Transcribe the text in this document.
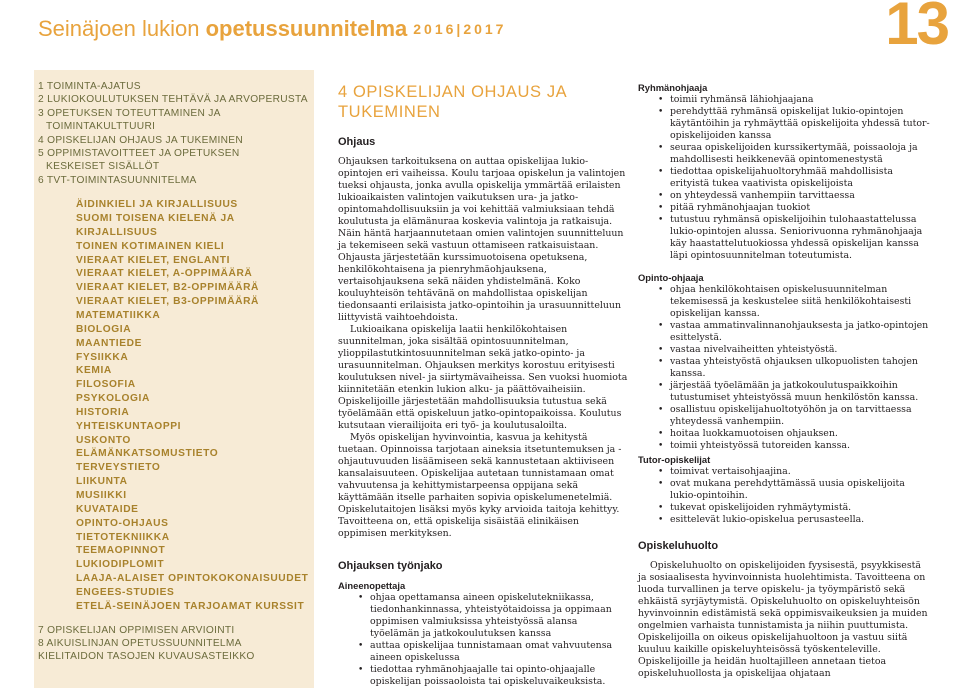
Seinäjoen lukion opetussuunnitelma 2016|2017	13
1 TOIMINTA-AJATUS
2 LUKIOKOULUTUKSEN TEHTÄVÄ JA ARVOPERUSTA
3 OPETUKSEN TOTEUTTAMINEN JA
TOIMINTAKULTTUURI
4 OPISKELIJAN OHJAUS JA TUKEMINEN
5 OPPIMISTAVOITTEET JA OPETUKSEN
KESKEISET SISÄLLÖT
6 TVT-TOIMINTASUUNNITELMA
ÄIDINKIELI JA KIRJALLISUUS
SUOMI TOISENA KIELENÄ JA KIRJALLISUUS
TOINEN KOTIMAINEN KIELI
VIERAAT KIELET, ENGLANTI
VIERAAT KIELET, A-OPPIMÄÄRÄ
VIERAAT KIELET, B2-OPPIMÄÄRÄ
VIERAAT KIELET, B3-OPPIMÄÄRÄ
MATEMATIIKKA
BIOLOGIA
MAANTIEDE
FYSIIKKA
KEMIA
FILOSOFIA
PSYKOLOGIA
HISTORIA
YHTEISKUNTAOPPI
USKONTO
ELÄMÄNKATSOMUSTIETO
TERVEYSTIETO
LIIKUNTA
MUSIIKKI
KUVATAIDE
OPINTO-OHJAUS
TIETOTEKNIIKKA
TEEMAOPINNOT
LUKIODIPLOMIT
LAAJA-ALAISET OPINTOKOKONAISUUDET
ENGEES-STUDIES
ETELÄ-SEINÄJOEN TARJOAMAT KURSSIT
7 OPISKELIJAN OPPIMISEN ARVIOINTI
8 AIKUISLINJAN OPETUSSUUNNITELMA
KIELITAIDON TASOJEN KUVAUSASTEIKKO
4 OPISKELIJAN OHJAUS JA TUKEMINEN
Ohjaus
Ohjauksen tarkoituksena on auttaa opiskelijaa lukio-opintojen eri vaiheissa. Koulu tarjoaa opiskelun ja valintojen tueksi ohjausta, jonka avulla opiskelija ymmärtää erilaisten lukioaikaisten valintojen vaikutuksen ura- ja jatko-opintomahdollisuuksiin ja voi kehittää valmiuksiaan tehdä koulutusta ja elämänuraa koskevia valintoja ja ratkaisuja. Näin häntä harjaannutetaan omien valintojen suunnitteluun ja tekemiseen sekä vastuun ottamiseen ratkaisuistaan. Ohjausta järjestetään kurssimuotoisena opetuksena, henkilökohtaisena ja pienryhmäohjauksena, vertaisohjauksena sekä näiden yhdistelmänä. Koko kouluyhteisön tehtävänä on mahdollistaa opiskelijan tiedonsaanti erilaisista jatko-opintoihin ja urasuunnitteluun liittyvistä vaihtoehdoista.
Lukioaikana opiskelija laatii henkilökohtaisen suunnitelman, joka sisältää opintosuunnitelman, ylioppilastutkintosuunnitelman sekä jatko-opinto- ja urasuunnitelman. Ohjauksen merkitys korostuu erityisesti koulutuksen nivel- ja siirtymävaiheissa. Sen vuoksi huomiota kiinnitetään etenkin lukion alku- ja päättövaiheisiin. Opiskelijoille järjestetään mahdollisuuksia tutustua sekä työelämään että opiskeluun jatko-opintopaikoissa. Koulutus kutsutaan vierailijoita eri työ- ja koulutusaloilta.
Myös opiskelijan hyvinvointia, kasvua ja kehitystä tuetaan. Opinnoissa tarjotaan aineksia itsetuntemuksen ja -ohjautuvuuden lisäämiseen sekä kannustetaan aktiiviseen kansalaisuuteen. Opiskelijaa autetaan tunnistamaan omat vahvuutensa ja kehittymistarpeensa oppijana sekä käyttämään itselle parhaiten sopivia opiskelumenetelmiä. Opiskelutaitojen lisäksi myös kyky arvioida taitoja kehittyy. Tavoitteena on, että opiskelija sisäistää elinikäisen oppimisen merkityksen.
Ohjauksen työnjako
Aineenopettaja
• ohjaa opettamansa aineen opiskelutekniikassa, tiedonhankinnassa, yhteistyötaidoissa ja oppimaan oppimisen valmiuksissa yhteistyössä alansa työelämän ja jatkokoulutuksen kanssa
• auttaa opiskelijaa tunnistamaan omat vahvuutensa aineen opiskelussa
• tiedottaa ryhmänohjaajalle tai opinto-ohjaajalle opiskelijan poissaoloista tai opiskeluvaikeuksista.
Ryhmänohjaaja
• toimii ryhmänsä lähiohjaajana
• perehdyttää ryhmänsä opiskelijat lukio-opintojen käytäntöihin ja ryhmäyttää opiskelijoita yhdessä tutor-opiskelijoiden kanssa
• seuraa opiskelijoiden kurssikertymää, poissaoloja ja mahdollisesti heikkenevää opintomenestystä
• tiedottaa opiskelijahuoltoryhmää mahdollisista erityistä tukea vaativista opiskelijoista
• on yhteydessä vanhempiin tarvittaessa
• pitää ryhmänohjaajan tuokiot
• tutustuu ryhmänsä opiskelijoihin tulohaastattelussa lukio-opintojen alussa. Seniorivuonna ryhmänohjaaja käy haastattelutuokiossa yhdessä opiskelijan kanssa läpi opintosuunnitelman toteutumista.
Opinto-ohjaaja
• ohjaa henkilökohtaisen opiskelusuunnitelman tekemisessä ja keskustelee siitä henkilökohtaisesti opiskelijan kanssa.
• vastaa ammatinvalinnanohjauksesta ja jatko-opintojen esittelystä.
• vastaa nivelvaiheitten yhteistyöstä.
• vastaa yhteistyöstä ohjauksen ulkopuolisten tahojen kanssa.
• järjestää työelämään ja jatkokoulutuspaikkoihin tutustumiset yhteistyössä muun henkilöstön kanssa.
• osallistuu opiskelijahuoltotyöhön ja on tarvittaessa yhteydessä vanhempiin.
• hoitaa luokkamuotoisen ohjauksen.
• toimii yhteistyössä tutoreiden kanssa.
Tutor-opiskelijat
• toimivat vertaisohjaajina.
• ovat mukana perehdyttämässä uusia opiskelijoita lukio-opintoihin.
• tukevat opiskelijoiden ryhmäytymistä.
• esittelevät lukio-opiskelua perusasteella.
Opiskeluhuolto
Opiskeluhuolto on opiskelijoiden fyysisestä, psyykkisestä ja sosiaalisesta hyvinvoinnista huolehtimista. Tavoitteena on luoda turvallinen ja terve opiskelu- ja työympäristö sekä ehkäistä syrjäytymistä. Opiskeluhuolto on opiskeluyhteisön hyvinvoinnin edistämistä sekä oppimisvaikeuksien ja muiden ongelmien varhaista tunnistamista ja niihin puuttumista. Opiskelijoilla on oikeus opiskelijahuoltoon ja vastuu siitä kuuluu kaikille opiskeluyhteisössä työskenteleville. Opiskelijoille ja heidän huoltajilleen annetaan tietoa opiskeluhuollosta ja opiskelijaa ohjataan
